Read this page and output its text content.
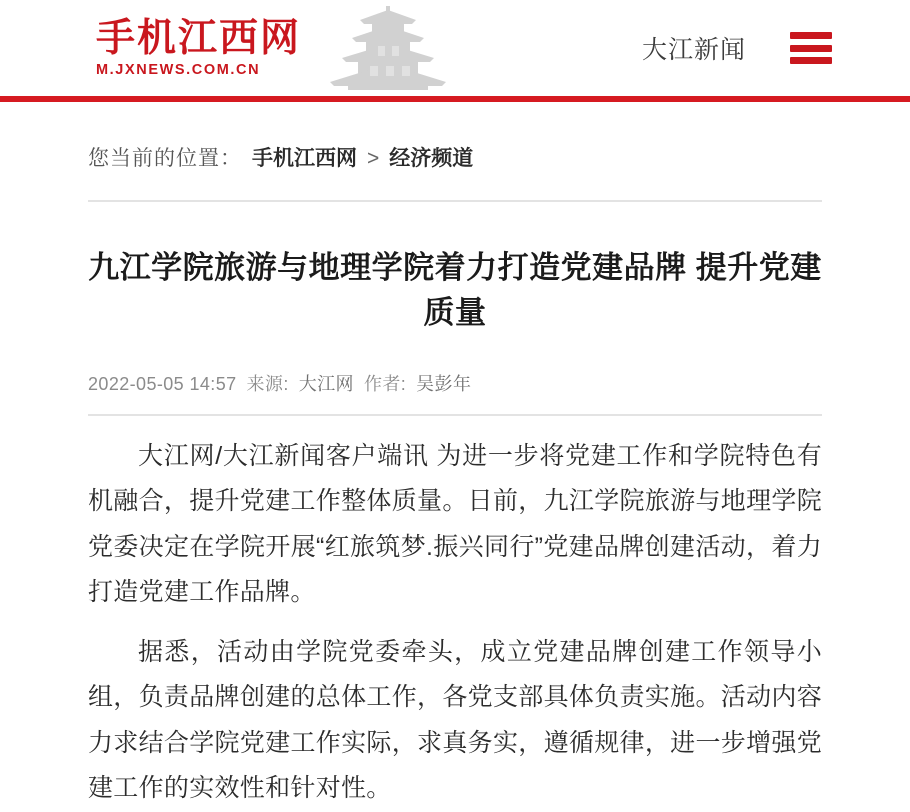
手机江西网
M.JXNEWS.COM.CN
大江新闻
您当前的位置： 手机江西网 > 经济频道
九江学院旅游与地理学院着力打造党建品牌 提升党建质量
2022-05-05 14:57 来源: 大江网 作者: 吴彭年

大江网/大江新闻客户端讯 为进一步将党建工作和学院特色有机融合，提升党建工作整体质量。日前，九江学院旅游与地理学院党委决定在学院开展“红旅筑梦.振兴同行”党建品牌创建活动，着力打造党建工作品牌。

据悉，活动由学院党委牵头，成立党建品牌创建工作领导小组，负责品牌创建的总体工作，各党支部具体负责实施。活动内容力求结合学院党建工作实际，求真务实，遵循规律，进一步增强党建工作的实效性和针对性。
